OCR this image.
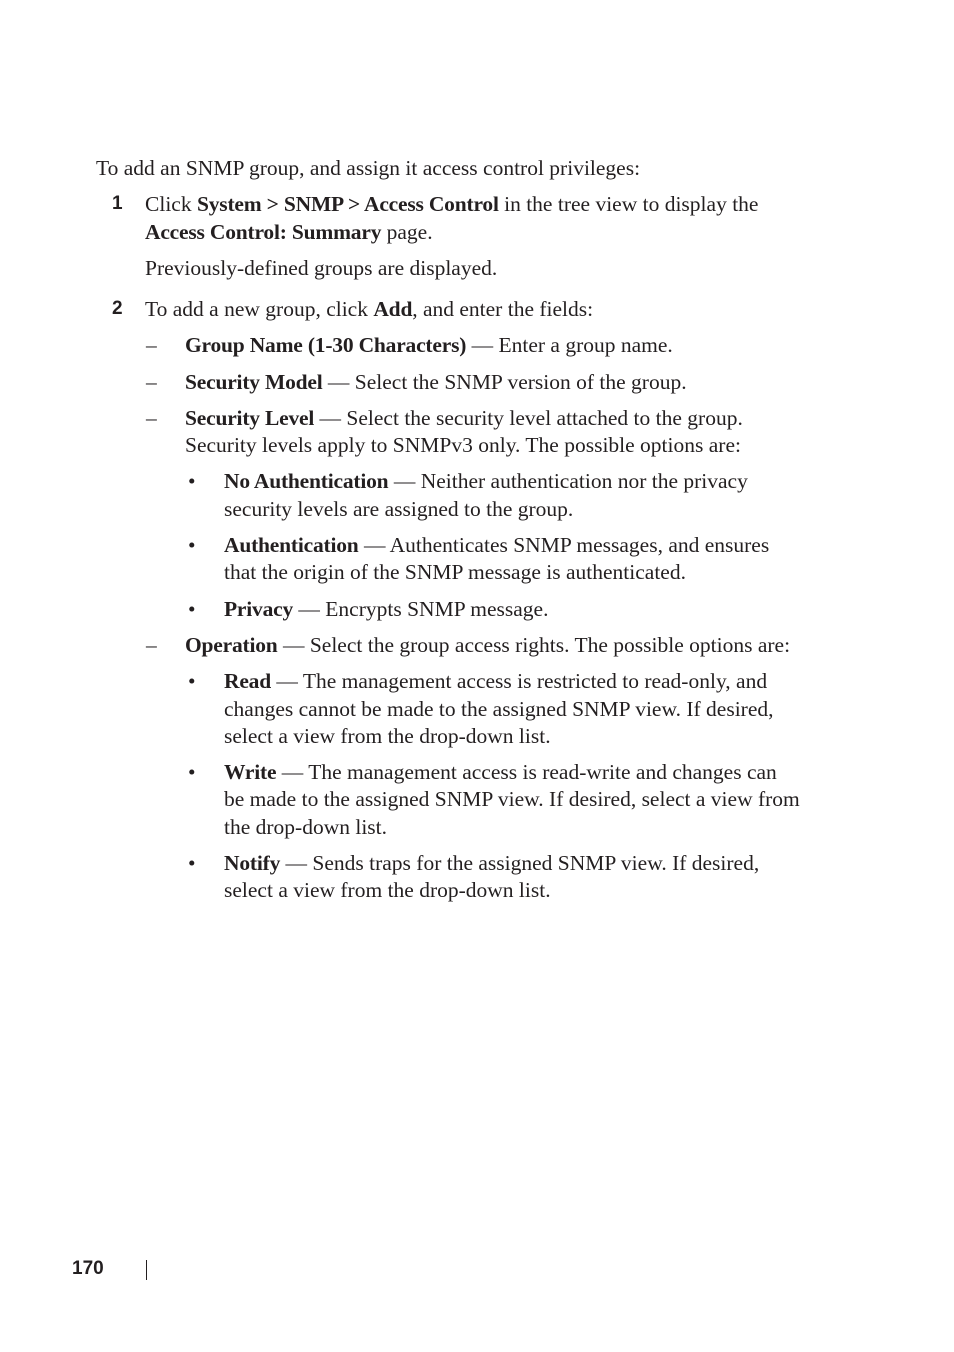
To add an SNMP group, and assign it access control privileges:
1 Click System > SNMP > Access Control in the tree view to display the
Access Control: Summary page.
Previously-defined groups are displayed.
2 To add a new group, click Add, and enter the fields:
– Group Name (1-30 Characters) — Enter a group name.
– Security Model — Select the SNMP version of the group.
– Security Level — Select the security level attached to the group.
Security levels apply to SNMPv3 only. The possible options are:
• No Authentication — Neither authentication nor the privacy
security levels are assigned to the group.
• Authentication — Authenticates SNMP messages, and ensures
that the origin of the SNMP message is authenticated.
• Privacy — Encrypts SNMP message.
– Operation — Select the group access rights. The possible options are:
• Read — The management access is restricted to read-only, and
changes cannot be made to the assigned SNMP view. If desired,
select a view from the drop-down list.
• Write — The management access is read-write and changes can
be made to the assigned SNMP view. If desired, select a view from
the drop-down list.
• Notify — Sends traps for the assigned SNMP view. If desired,
select a view from the drop-down list.
170
